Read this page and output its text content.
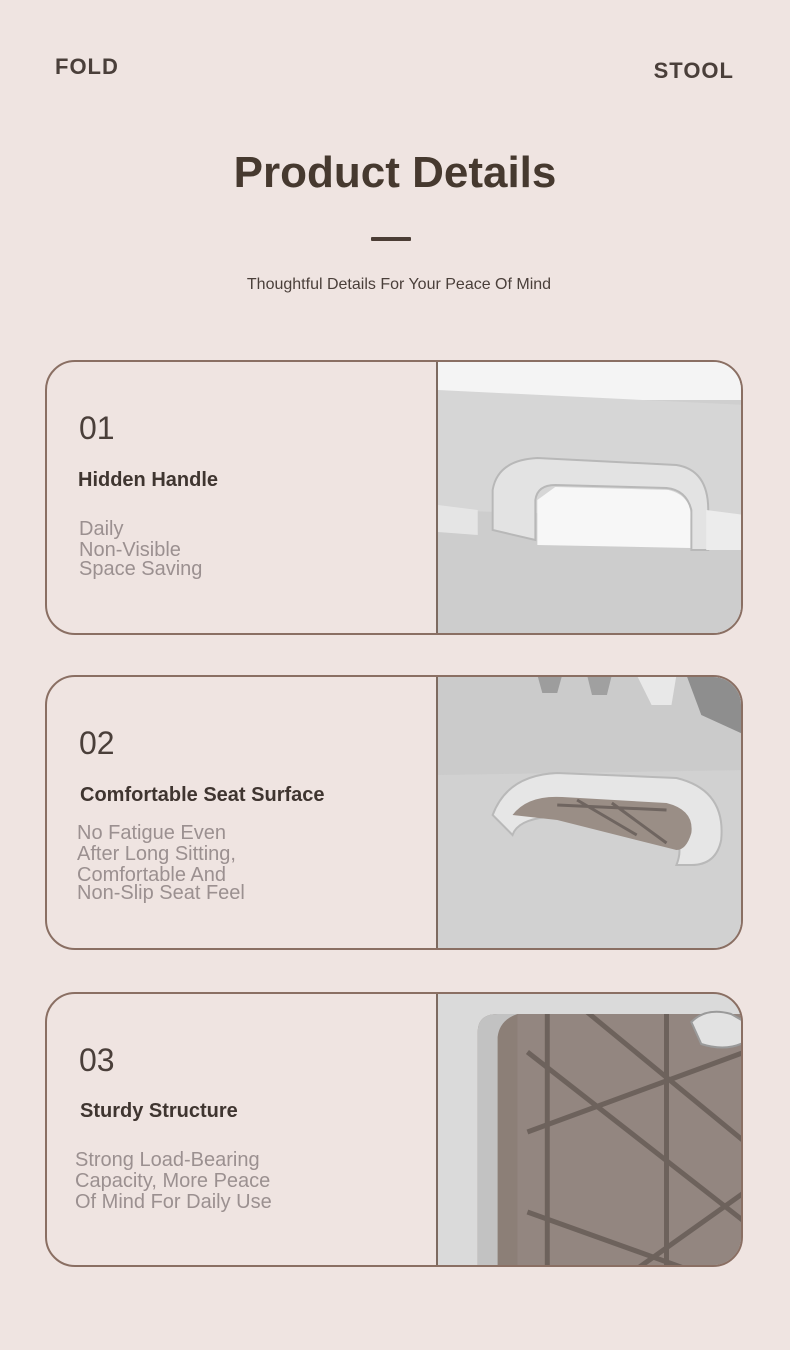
FOLD	STOOL
Product Details
Thoughtful Details For Your Peace Of Mind
01
Hidden Handle
Daily
Non-Visible
Space Saving
02
Comfortable Seat Surface
No Fatigue Even
After Long Sitting,
Comfortable And
Non-Slip Seat Feel
03
Sturdy Structure
Strong Load-Bearing
Capacity, More Peace
Of Mind For Daily Use
